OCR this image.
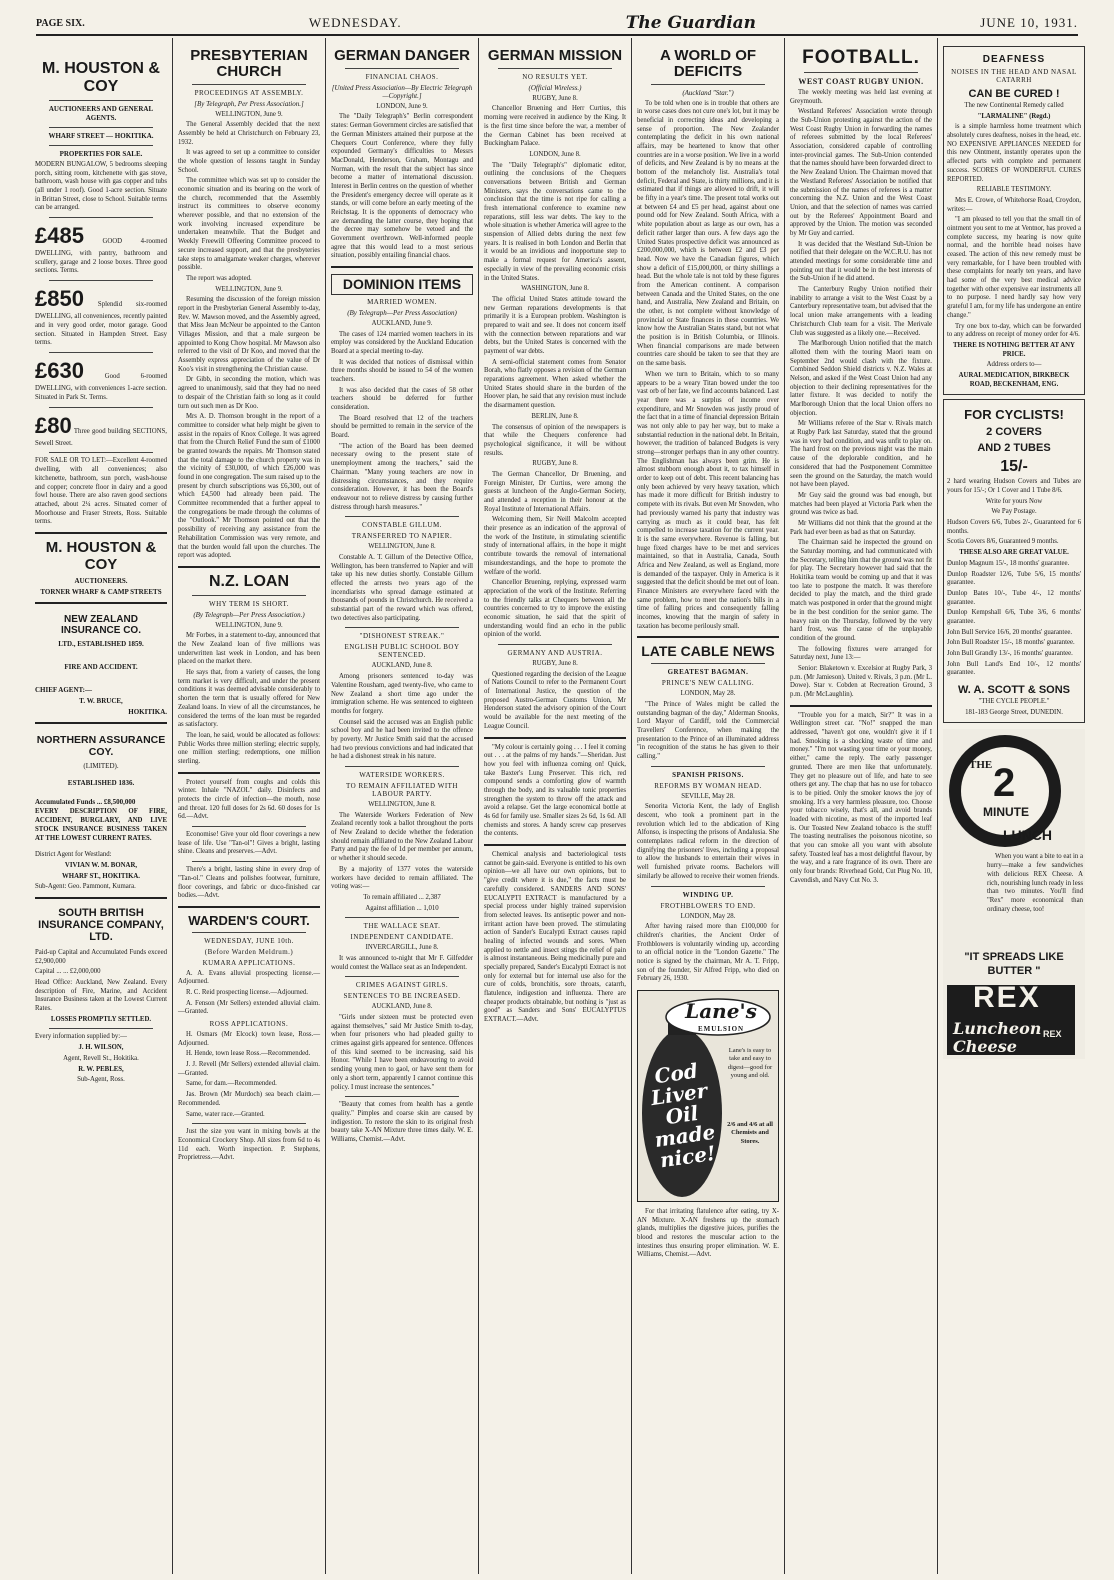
PAGE SIX.	WEDNESDAY.	The Guardian	JUNE 10, 1931.
M. HOUSTON & COY

AUCTIONEERS AND GENERAL AGENTS.

WHARF STREET — HOKITIKA.

PROPERTIES FOR SALE.

MODERN BUNGALOW, 5 bedrooms sleeping porch, sitting room, kitchenette with gas stove, bathroom, wash house with gas copper and tubs (all under 1 roof). Good 1-acre section. Situate in Brittan Street, close to School. Suitable terms can be arranged.

£485	GOOD 4-roomed DWELLING, with pantry, bathroom and scullery, garage and 2 loose boxes. Three good sections. Terms.

£850 Splendid six-roomed DWELLING, all conveniences, recently painted and in very good order, motor garage. Good section. Situated in Hampden Street. Easy terms.

£630	Good 6-roomed DWELLING, with conveniences 1-acre section. Situated in Park St. Terms.

£80 Three good building SECTIONS, Sewell Street.

FOR SALE OR TO LET:—Excellent 4-roomed dwelling, with all conveniences; also kitchenette, bathroom, sun porch, wash-house and copper; concrete floor in dairy and a good fowl house. There are also raven good sections attached, about 2¼ acres. Situated corner of Moorhouse and Fraser Streets, Ross. Suitable terms.

M. HOUSTON & COY

AUCTIONEERS.

TORNER WHARF & CAMP STREETS

NEW ZEALAND INSURANCE CO.

LTD., ESTABLISHED 1859.

FIRE AND ACCIDENT.

CHIEF AGENT:—

T. W. BRUCE,

HOKITIKA.

NORTHERN ASSURANCE COY.

(LIMITED).

ESTABLISHED 1836.

Accumulated Funds ... £8,500,000

EVERY DESCRIPTION OF FIRE, ACCIDENT, BURGLARY, AND LIVE STOCK INSURANCE BUSINESS TAKEN AT THE LOWEST CURRENT RATES.

District Agent for Westland:

VIVIAN W. M. BONAR,

WHARF ST., HOKITIKA.

Sub-Agent: Geo. Pammont, Kumara.

SOUTH BRITISH INSURANCE COMPANY, LTD.

Paid-up Capital and Accumulated Funds exceed £2,900,000

Capital ... ... £2,000,000

Head Office: Auckland, New Zealand. Every description of Fire, Marine, and Accident Insurance Business taken at the Lowest Current Rates.

LOSSES PROMPTLY SETTLED.

Every information supplied by:—

J. H. WILSON,

Agent, Revell St., Hokitika.

R. W. PEBLES,

Sub-Agent, Ross.

PRESBYTERIAN CHURCH
PROCEEDINGS AT ASSEMBLY.
[By Telegraph, Per Press Association.]

WELLINGTON, June 9.

The General Assembly decided that the next Assembly be held at Christchurch on February 23, 1932.

It was agreed to set up a committee to consider the whole question of lessons taught in Sunday School.

The committee which was set up to consider the economic situation and its bearing on the work of the church, recommended that the Assembly instruct its committees to observe economy wherever possible, and that no extension of the work involving increased expenditure be undertaken meanwhile. That the Budget and Weekly Freewill Offeering Committee proceed to secure increased support, and that the presbyteries take steps to amalgamate weaker charges, wherever possible.

The report was adopted.

WELLINGTON, June 9.

Resuming the discussion of the foreign mission report in the Presbyterian General Assembly to-day, Rev. W. Mawson moved, and the Assembly agreed, that Miss Jean McNeur be appointed to the Canton Villages Mission, and that a male surgeon be appointed to Kong Chow hospital. Mr Mawson also referred to the visit of Dr Koo, and moved that the Assembly express appreciation of the value of Dr Koo's visit in strengthening the Christian cause.

Dr Gibb, in seconding the motion, which was agreed to unanimously, said that they had no need to despair of the Christian faith so long as it could turn out such men as Dr Koo.

Mrs A. D. Thomson brought in the report of a committee to consider what help might be given to assist in the repairs of Knox College. It was agreed that from the Church Relief Fund the sum of £1000 be granted towards the repairs. Mr Thomson stated that the total damage to the church property was in the vicinity of £30,000, of which £26,000 was found in one congregation. The sum raised up to the present by church subscriptions was £6,300, out of which £4,500 had already been paid. The Committee recommended that a further appeal to the congregations be made through the columns of the "Outlook." Mr Thomson pointed out that the possibility of receiving any assistance from the Rehabilitation Commission was very remote, and that the burden would fall upon the churches. The report was adopted.

N.Z. LOAN
WHY TERM IS SHORT.
(By Telegraph—Per Press Association.)

WELLINGTON, June 9.

Mr Forbes, in a statement to-day, announced that the New Zealand loan of five millions was underwritten last week in London, and has been placed on the market there.

He says that, from a variety of causes, the long term market is very difficult, and under the present conditions it was deemed advisable considerably to shorten the term that is usually offered for New Zealand loans. In view of all the circumstances, he considered the terms of the loan must be regarded as satisfactory.

The loan, he said, would be allocated as follows: Public Works three million sterling; electric supply, one million sterling; redemptions, one million sterling.

Protect yourself from coughs and colds this winter. Inhale "NAZOL" daily. Disinfects and protects the circle of infection—the mouth, nose and throat. 120 full doses for 2s 6d. 60 doses for 1s 6d.—Advt.

Economise! Give your old floor coverings a new lease of life. Use "Tan-ol"! Gives a bright, lasting shine. Cleans and preserves.—Advt.

There's a bright, lasting shine in every drop of "Tan-ol." Cleans and polishes footwear, furniture, floor coverings, and fabric or duco-finished car bodies.—Advt.

WARDEN'S COURT.
WEDNESDAY, JUNE 10th.
(Before Warden Meldrum.)
KUMARA APPLICATIONS.

A. A. Evans alluvial prospecting license.—Adjourned.

R. C. Reid prospecting license.—Adjourned.

A. Fenson (Mr Sellers) extended alluvial claim.—Granted.

ROSS APPLICATIONS.

H. Osmars (Mr Elcock) town lease, Ross.—Adjourned.

H. Hende, town lease Ross.—Recommended.

J. J. Revell (Mr Sellers) extended alluvial claim.—Granted.

Same, for dam.—Recommended.

Jas. Brown (Mr Murdoch) sea beach claim.—Recommended.

Same, water race.—Granted.

Just the size you want in mixing bowls at the Economical Crockery Shop. All sizes from 6d to 4s 11d each. Worth inspection. P. Stephens, Proprietress.—Advt.

GERMAN DANGER
FINANCIAL CHAOS.
[United Press Association—By Electric Telegraph—Copyright.]

LONDON, June 9.

The "Daily Telegraph's" Berlin correspondent states: German Government circles are satisfied that the German Ministers attained their purpose at the Chequers Court Conference, where they fully expounded Germany's difficulties to Messrs MacDonald, Henderson, Graham, Montagu and Norman, with the result that the subject has since become a matter of international discussion. Interest in Berlin centres on the question of whether the President's emergency decree will operate as it stands, or will come before an early meeting of the Reichstag. It is the opponents of democracy who are demanding the latter course, they hoping that the decree may somehow be vetoed and the Government overthrown. Well-informed people agree that this would lead to a most serious situation, possibly entailing financial chaos.

DOMINION ITEMS
MARRIED WOMEN.
(By Telegraph—Per Press Association)

AUCKLAND, June 9.

The cases of 124 married women teachers in its employ was considered by the Auckland Education Board at a special meeting to-day.

It was decided that notices of dismissal within three months should be issued to 54 of the women teachers.

It was also decided that the cases of 58 other teachers should be deferred for further consideration.

The Board resolved that 12 of the teachers should be permitted to remain in the service of the Board.

"The action of the Board has been deemed necessary owing to the present state of unemployment among the teachers," said the Chairman. "Many young teachers are now in distressing circumstances, and they require consideration. However, it has been the Board's endeavour not to relieve distress by causing further distress through harsh measures."

CONSTABLE GILLUM.
TRANSFERRED TO NAPIER.

WELLINGTON, June 8.

Constable A. T. Gillum of the Detective Office, Wellington, has been transferred to Napier and will take up his new duties shortly. Constable Gillum effected the arrests two years ago of the incendiarists who spread damage estimated at thousands of pounds in Christchurch. He received a substantial part of the reward which was offered, two detectives also participating.

"DISHONEST STREAK."
ENGLISH PUBLIC SCHOOL BOY SENTENCED.

AUCKLAND, June 8.

Among prisoners sentenced to-day was Valentine Rousham, aged twenty-five, who came to New Zealand a short time ago under the immigration scheme. He was sentenced to eighteen months for forgery.

Counsel said the accused was an English public school boy and he had been invited to the offence by poverty. Mr Justice Smith said that the accused had two previous convictions and had indicated that he had a dishonest streak in his nature.

WATERSIDE WORKERS.
TO REMAIN AFFILIATED WITH LABOUR PARTY.

WELLINGTON, June 8.

The Waterside Workers Federation of New Zealand recently took a ballot throughout the ports of New Zealand to decide whether the federation should remain affiliated to the New Zealand Labour Party and pay the fee of 1d per member per annum, or whether it should secede.

By a majority of 1377 votes the waterside workers have decided to remain affiliated. The voting was:—

To remain affiliated ... 2,387

Against affiliation ... 1,010

THE WALLACE SEAT.
INDEPENDENT CANDIDATE.

INVERCARGILL, June 8.

It was announced to-night that Mr F. Gilfedder would contest the Wallace seat as an Independent.

CRIMES AGAINST GIRLS.
SENTENCES TO BE INCREASED.

AUCKLAND, June 8.

"Girls under sixteen must be protected even against themselves," said Mr Justice Smith to-day, when four prisoners who had pleaded guilty to crimes against girls appeared for sentence. Offences of this kind seemed to be increasing, said his Honor. "While I have been endeavouring to avoid sending young men to gaol, or have sent them for only a short term, apparently I cannot continue this policy. I must increase the sentences."

"Beauty that comes from health has a gentle quality." Pimples and coarse skin are caused by indigestion. To restore the skin to its original fresh beauty take X-AN Mixture three times daily. W. E. Williams, Chemist.—Advt.

GERMAN MISSION
NO RESULTS YET.
(Official Wireless.)

RUGBY, June 8.

Chancellor Bruening and Herr Curtius, this morning were received in audience by the King. It is the first time since before the war, a member of the German Cabinet has been received at Buckingham Palace.

LONDON, June 8.

The "Daily Telegraph's" diplomatic editor, outlining the conclusions of the Chequers conversations between British and German Ministers, says the conversations came to the conclusion that the time is not ripe for calling a fresh international conference to examine new reparations, still less war debts. The key to the whole situation is whether America will agree to the suspension of Allied debts during the next few years. It is realised in both London and Berlin that it would be an invidious and inopportune step to make a formal request for America's assent, especially in view of the prevailing economic crisis in the United States.

WASHINGTON, June 8.

The official United States attitude toward the new German reparations developments is that primarily it is a European problem. Washington is prepared to wait and see. It does not concern itself with the connection between reparations and war debts, but the United States is concerned with the payment of war debts.

A semi-official statement comes from Senator Borah, who flatly opposes a revision of the German reparations agreement. When asked whether the United States should share in the burden of the Hoover plan, he said that any revision must include the disarmament question.

BERLIN, June 8.

The consensus of opinion of the newspapers is that while the Chequers conference had psychological significance, it will be without results.

RUGBY, June 8.

The German Chancellor, Dr Bruening, and Foreign Minister, Dr Curtius, were among the guests at luncheon of the Anglo-German Society, and attended a reception in their honour at the Royal Institute of International Affairs.

Welcoming them, Sir Neill Malcolm accepted their presence as an indication of the approval of the work of the Institute, in stimulating scientific study of international affairs, in the hope it might contribute towards the removal of international misunderstandings, and the hope to promote the welfare of the world.

Chancellor Bruening, replying, expressed warm appreciation of the work of the Institute. Referring to the friendly talks at Chequers between all the countries concerned to try to improve the existing economic situation, he said that the spirit of understanding would find an echo in the public opinion of the world.

GERMANY AND AUSTRIA.

RUGBY, June 8.

Questioned regarding the decision of the League of Nations Council to refer to the Permanent Court of International Justice, the question of the proposed Austro-German Customs Union, Mr Henderson stated the advisory opinion of the Court would be available for the next meeting of the League Council.

"My colour is certainly going . . . I feel it coming out . . . at the palms of my hands."—Sheridan. Just how you feel with influenza coming on! Quick, take Baxter's Lung Preserver. This rich, red compound sends a comforting glow of warmth through the body, and its valuable tonic properties strengthen the system to throw off the attack and avoid a relapse. Get the large economical bottle at 4s 6d for family use. Smaller sizes 2s 6d, 1s 6d. All chemists and stores. A handy screw cap preserves the contents.

Chemical analysis and bacteriological tests cannot be gain-said. Everyone is entitled to his own opinion—we all have our own opinions, but to "give credit where it is due," the facts must be carefully considered. SANDERS AND SONS' EUCALYPTI EXTRACT is manufactured by a special process under highly trained supervision from selected leaves. Its antiseptic power and non-irritant action have been proved. The stimulating action of Sander's Eucalypti Extract causes rapid healing of infected wounds and sores. When applied to nettle and insect stings the relief of pain is almost instantaneous. Being medicinally pure and specially prepared, Sander's Eucalypti Extract is not only for external but for internal use also for the cure of colds, bronchitis, sore throats, catarrh, flatulence, indigestion and influenza. There are cheaper products obtainable, but nothing is "just as good" as Sanders and Sons' EUCALYPTUS EXTRACT.—Advt.

A WORLD OF DEFICITS
(Auckland "Star.")

To be told when one is in trouble that others are in worse cases does not cure one's lot, but it may be beneficial in correcting ideas and developing a sense of proportion. The New Zealander contemplating the deficit in his own national affairs, may be heartened to know that other countries are in a worse position. We live in a world of deficits, and New Zealand is by no means at the bottom of the melancholy list. Australia's total deficit, Federal and State, is thirty millions, and it is estimated that if things are allowed to drift, it will be fifty in a year's time. The present total works out at between £4 and £5 per head, against about one pound odd for New Zealand. South Africa, with a white population about as large as our own, has a deficit rather larger than ours. A few days ago the United States prospective deficit was announced as £200,000,000, which is between £2 and £3 per head. Now we have the Canadian figures, which show a deficit of £15,000,000, or thirty shillings a head. But the whole tale is not told by these figures from the American continent. A comparison between Canada and the United States, on the one hand, and Australia, New Zealand and Britain, on the other, is not complete without knowledge of provincial or State finances in these countries. We know how the Australian States stand, but not what the position is in British Columbia, or Illinois. When financial comparisons are made between countries care should be taken to see that they are on the same basis.

When we turn to Britain, which to so many appears to be a weary Titan bowed under the too vast orb of her fate, we find accounts balanced. Last year there was a surplus of income over expenditure, and Mr Snowden was justly proud of the fact that in a time of financial depression Britain was not only able to pay her way, but to make a substantial reduction in the national debt. In Britain, however, the tradition of balanced Budgets is very strong—stronger perhaps than in any other country. The Englishman has always been grim. He is almost stubborn enough about it, to tax himself in order to keep out of debt. This recent balancing has only been achieved by very heavy taxation, which has made it more difficult for British industry to compete with its rivals. But even Mr Snowden, who had previously warned his party that industry was carrying as much as it could bear, has felt compelled to increase taxation for the current year. It is the same everywhere. Revenue is falling, but huge fixed charges have to be met and services maintained, so that in Australia, Canada, South Africa and New Zealand, as well as England, more is demanded of the taxpayer. Only in America is it suggested that the deficit should be met out of loan. Finance Ministers are everywhere faced with the same problem, how to meet the nation's bills in a time of falling prices and consequently falling incomes, knowing that the margin of safety in taxation has become perilously small.

LATE CABLE NEWS
GREATEST BAGMAN.
PRINCE'S NEW CALLING.

LONDON, May 28.

"The Prince of Wales might be called the outstanding bagman of the day," Alderman Snooks, Lord Mayor of Cardiff, told the Commercial Travellers' Conference, when making the presentation to the Prince of an illuminated address "in recognition of the status he has given to their calling."

SPANISH PRISONS.
REFORMS BY WOMAN HEAD.

SEVILLE, May 28.

Senorita Victoria Kent, the lady of English descent, who took a prominent part in the revolution which led to the abdication of King Alfonso, is inspecting the prisons of Andalusia. She contemplates radical reform in the direction of dignifying the prisoners' lives, including a proposal to allow the husbands to entertain their wives in well furnished private rooms. Bachelors will similarly be allowed to receive their women friends.

WINDING UP.
FROTHBLOWERS TO END.

LONDON, May 28.

After having raised more than £100,000 for children's charities, the Ancient Order of Frothblowers is voluntarily winding up, according to an official notice in the "London Gazette." The notice is signed by the chairman, Mr A. T. Fripp, son of the founder, Sir Alfred Fripp, who died on February 26, 1930.

Lane's
EMULSION
Cod Liver Oil made nice!
Lane's is easy to take and easy to digest—good for young and old.
2/6 and 4/6 at all Chemists and Stores.

For that irritating flatulence after eating, try X-AN Mixture. X-AN freshens up the stomach glands, multiplies the digestive juices, purifies the blood and restores the muscular action to the intestines thus ensuring proper elimination. W. E. Williams, Chemist.—Advt.

FOOTBALL.
WEST COAST RUGBY UNION.

The weekly meeting was held last evening at Greymouth.

Westland Referees' Association wrote through the Sub-Union protesting against the action of the West Coast Rugby Union in forwarding the names of referees submitted by the local Referees' Association, considered capable of controlling inter-provincial games. The Sub-Union contended that the names should have been forwarded direct to the New Zealand Union. The Chairman moved that the Westland Referees' Association be notified that the submission of the names of referees is a matter concerning the N.Z. Union and the West Coast Union, and that the selection of names was carried out by the Referees' Appointment Board and approved by the Union. The motion was seconded by Mr Guy and carried.

It was decided that the Westland Sub-Union be notified that their delegate on the W.C.R.U. has not attended meetings for some considerable time and pointing out that it would be in the best interests of the Sub-Union if he did attend.

The Canterbury Rugby Union notified their inability to arrange a visit to the West Coast by a Canterbury representative team, but advised that the local union make arrangements with a leading Christchurch Club team for a visit. The Merivale Club was suggested as a likely one.—Received.

The Marlborough Union notified that the match allotted them with the touring Maori team on September 2nd would clash with the fixture. Combined Seddon Shield districts v. N.Z. Wales at Nelson, and asked if the West Coast Union had any objection to their declining representatives for the latter fixture. It was decided to notify the Marlborough Union that the local Union offers no objection.

Mr Williams referee of the Star v. Rivals match at Rugby Park last Saturday, stated that the ground was in very bad condition, and was unfit to play on. The hard frost on the previous night was the main cause of the deplorable condition, and he considered that had the Postponement Committee seen the ground on the Saturday, the match would not have been played.

Mr Guy said the ground was bad enough, but matches had been played at Victoria Park when the ground was twice as bad.

Mr Williams did not think that the ground at the Park had ever been as bad as that on Saturday.

The Chairman said he inspected the ground on the Saturday morning, and had communicated with the Secretary, telling him that the ground was not fit for play. The Secretary however had said that the Hokitika team would be coming up and that it was too late to postpone the match. It was therefore decided to play the match, and the third grade match was postponed in order that the ground might be in the best condition for the senior game. The heavy rain on the Thursday, followed by the very hard frost, was the cause of the unplayable condition of the ground.

The following fixtures were arranged for Saturday next, June 13:—

Senior: Blaketown v. Excelsior at Rugby Park, 3 p.m. (Mr Jamieson). United v. Rivals, 3 p.m. (Mr L. Dowe). Star v. Cobden at Recreation Ground, 3 p.m. (Mr McLaughlin).

"Trouble you for a match, Sir?" It was in a Wellington street car. "No!" snapped the man addressed, "haven't got one, wouldn't give it if I had. Smoking is a shocking waste of time and money." "I'm not wasting your time or your money, either," came the reply. The early passenger grunted. There are men like that unfortunately. They get no pleasure out of life, and hate to see others get any. The chap that has no use for tobacco is to be pitied. Only the smoker knows the joy of smoking. It's a very harmless pleasure, too. Choose your tobacco wisely, that's all, and avoid brands loaded with nicotine, as most of the imported leaf is. Our Toasted New Zealand tobacco is the stuff! The toasting neutralises the poisonous nicotine, so that you can smoke all you want with absolute safety. Toasted leaf has a most delightful flavour, by the way, and a rare fragrance of its own. There are only four brands: Riverhead Gold, Cut Plug No. 10, Cavendish, and Navy Cut No. 3.

DEAFNESS
NOISES IN THE HEAD AND NASAL CATARRH
CAN BE CURED !

The new Continental Remedy called

"LARMALINE" (Regd.)

is a simple harmless home treatment which absolutely cures deafness, noises in the head, etc. NO EXPENSIVE APPLIANCES NEEDED for this new Ointment, instantly operates upon the affected parts with complete and permanent success. SCORES OF WONDERFUL CURES REPORTED.

RELIABLE TESTIMONY.

Mrs E. Crowe, of Whitehorse Road, Croydon, writes:—

"I am pleased to tell you that the small tin of ointment you sent to me at Ventnor, has proved a complete success, my hearing is now quite normal, and the horrible head noises have ceased. The action of this new remedy must be very remarkable, for I have been troubled with these complaints for nearly ten years, and have had some of the very best medical advice together with other expensive ear instruments all to no purpose. I need hardly say how very grateful I am, for my life has undergone an entire change."

Try one box to-day, which can be forwarded to any address on receipt of money order for 4/6.

THERE IS NOTHING BETTER AT ANY PRICE.

Address orders to—

AURAL MEDICATION, BIRKBECK ROAD, BECKENHAM, ENG.

FOR CYCLISTS!
2 COVERS
AND 2 TUBES
15/-

2 hard wearing Hudson Covers and Tubes are yours for 15/-; Or 1 Cover and 1 Tube 8/6.

Write for yours Now

We Pay Postage.

Hudson Covers 6/6, Tubes 2/-, Guaranteed for 6 months.

Scotia Covers 8/6, Guaranteed 9 months.

THESE ALSO ARE GREAT VALUE.

Dunlop Magnum 15/-, 18 months' guarantee.

Dunlop Roadster 12/6, Tube 5/6, 15 months' guarantee.

Dunlop Bates 10/-, Tube 4/-, 12 months' guarantee.

Dunlop Kempshall 6/6, Tube 3/6, 6 months' guarantee.

John Bull Service 16/6, 20 months' guarantee.

John Bull Roadster 15/-, 18 months' guarantee.

John Bull Grandly 13/-, 16 months' guarantee.

John Bull Land's End 10/-, 12 months' guarantee.

W. A. SCOTT & SONS

"THE CYCLE PEOPLE."

181-183 George Street, DUNEDIN.

THE 2
MINUTE
LUNCH

When you want a bite to eat in a hurry—make a few sandwiches with delicious REX Cheese. A rich, nourishing lunch ready in less than two minutes. You'll find "Rex" more economical than ordinary cheese, too!

"IT SPREADS LIKE BUTTER "
REX
Luncheon
Cheese
REX
